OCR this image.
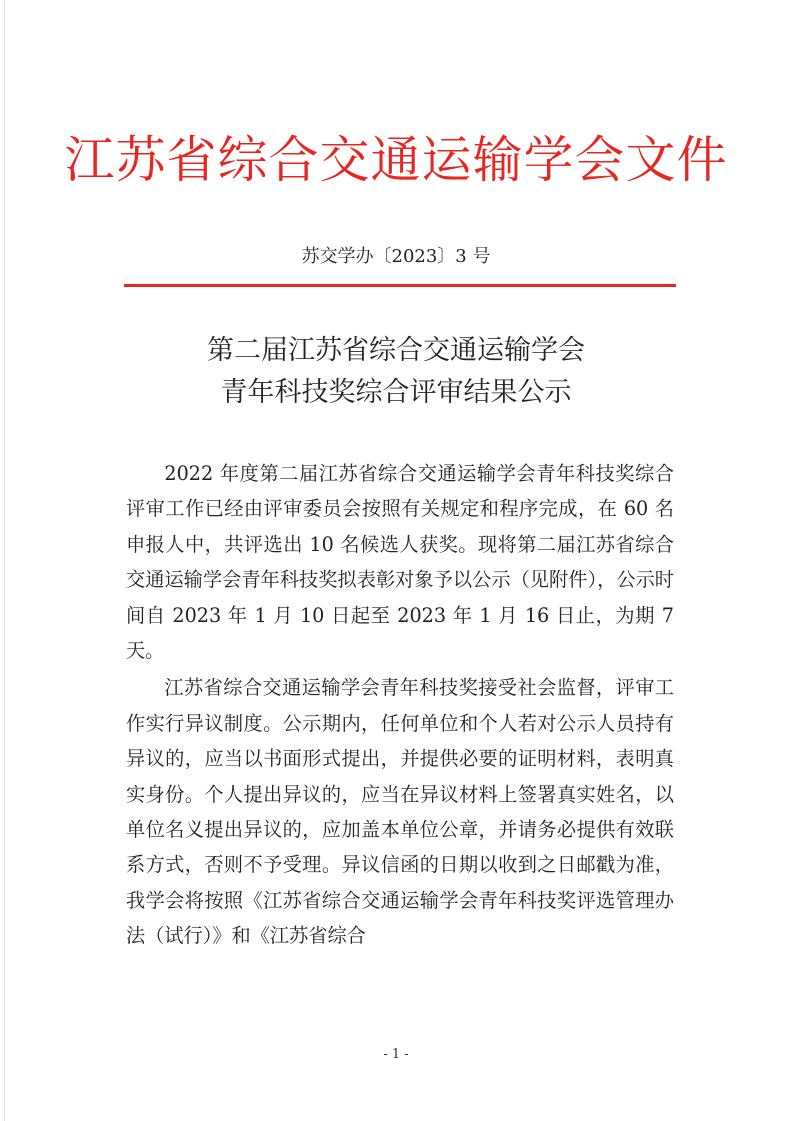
江苏省综合交通运输学会文件
苏交学办〔2023〕3 号
第二届江苏省综合交通运输学会
青年科技奖综合评审结果公示

2022 年度第二届江苏省综合交通运输学会青年科技奖综合评审工作已经由评审委员会按照有关规定和程序完成，在 60 名申报人中，共评选出 10 名候选人获奖。现将第二届江苏省综合交通运输学会青年科技奖拟表彰对象予以公示（见附件），公示时间自 2023 年 1 月 10 日起至 2023 年 1 月 16 日止，为期 7 天。

江苏省综合交通运输学会青年科技奖接受社会监督，评审工作实行异议制度。公示期内，任何单位和个人若对公示人员持有异议的，应当以书面形式提出，并提供必要的证明材料，表明真实身份。个人提出异议的，应当在异议材料上签署真实姓名，以单位名义提出异议的，应加盖本单位公章，并请务必提供有效联系方式，否则不予受理。异议信函的日期以收到之日邮戳为准，我学会将按照《江苏省综合交通运输学会青年科技奖评选管理办法（试行）》和《江苏省综合

- 1 -
